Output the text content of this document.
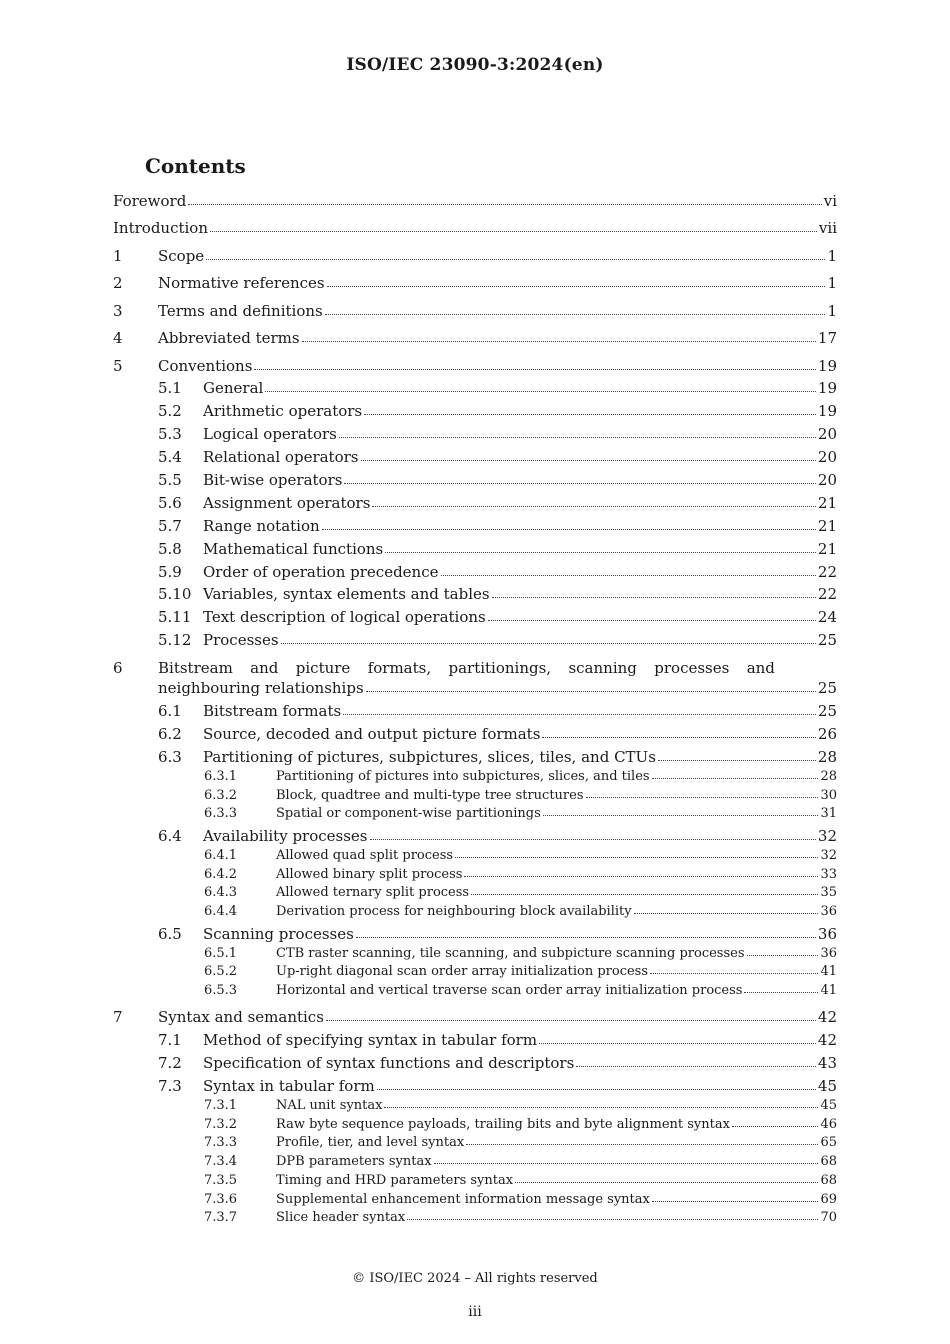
ISO/IEC 23090-3:2024(en)
Contents
Foreword	vi
Introduction	vii
1	Scope	1
2	Normative references	1
3	Terms and definitions	1
4	Abbreviated terms	17
5	Conventions	19
5.1	General	19
5.2	Arithmetic operators	19
5.3	Logical operators	20
5.4	Relational operators	20
5.5	Bit-wise operators	20
5.6	Assignment operators	21
5.7	Range notation	21
5.8	Mathematical functions	21
5.9	Order of operation precedence	22
5.10 Variables, syntax elements and tables	22
5.11 Text description of logical operations	24
5.12 Processes	25
6	Bitstream and picture formats, partitionings, scanning processes and
neighbouring relationships	25
6.1	Bitstream formats	25
6.2	Source, decoded and output picture formats	26
6.3	Partitioning of pictures, subpictures, slices, tiles, and CTUs	28
6.3.1	Partitioning of pictures into subpictures, slices, and tiles	28
6.3.2	Block, quadtree and multi-type tree structures	30
6.3.3	Spatial or component-wise partitionings	31
6.4	Availability processes	32
6.4.1	Allowed quad split process	32
6.4.2	Allowed binary split process	33
6.4.3	Allowed ternary split process	35
6.4.4	Derivation process for neighbouring block availability	36
6.5	Scanning processes	36
6.5.1	CTB raster scanning, tile scanning, and subpicture scanning processes	36
6.5.2	Up-right diagonal scan order array initialization process	41
6.5.3	Horizontal and vertical traverse scan order array initialization process	41
7	Syntax and semantics	42
7.1	Method of specifying syntax in tabular form	42
7.2	Specification of syntax functions and descriptors	43
7.3	Syntax in tabular form	45
7.3.1	NAL unit syntax	45
7.3.2	Raw byte sequence payloads, trailing bits and byte alignment syntax	46
7.3.3	Profile, tier, and level syntax	65
7.3.4	DPB parameters syntax	68
7.3.5	Timing and HRD parameters syntax	68
7.3.6	Supplemental enhancement information message syntax	69
7.3.7	Slice header syntax	70
© ISO/IEC 2024 – All rights reserved
iii
